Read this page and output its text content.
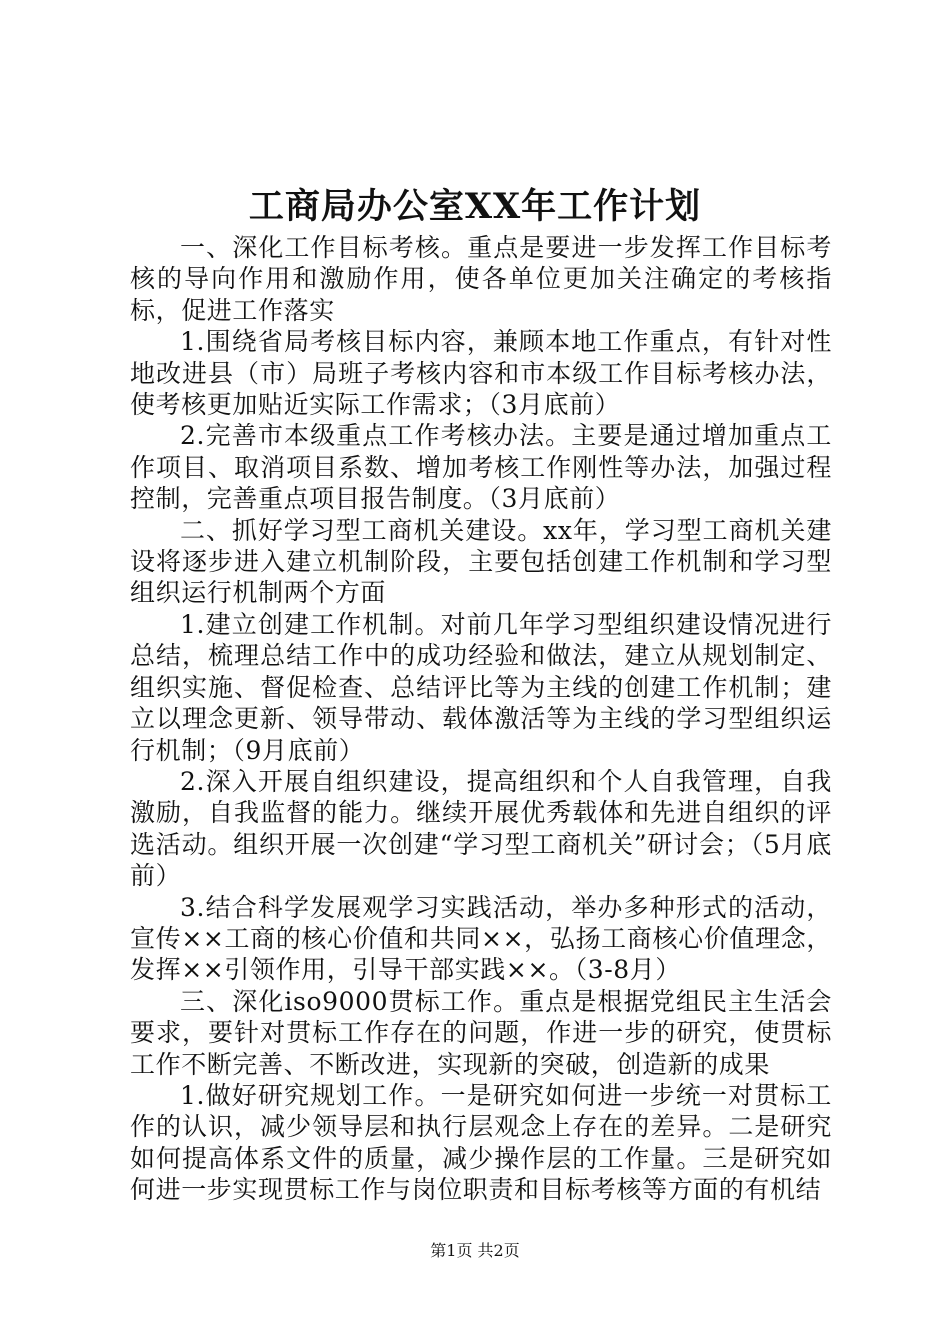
工商局办公室XX年工作计划

一、深化工作目标考核。重点是要进一步发挥工作目标考核的导向作用和激励作用，使各单位更加关注确定的考核指标，促进工作落实

1.围绕省局考核目标内容，兼顾本地工作重点，有针对性地改进县（市）局班子考核内容和市本级工作目标考核办法，使考核更加贴近实际工作需求；（3月底前）

2.完善市本级重点工作考核办法。主要是通过增加重点工作项目、取消项目系数、增加考核工作刚性等办法，加强过程控制，完善重点项目报告制度。（3月底前）

二、抓好学习型工商机关建设。xx年，学习型工商机关建设将逐步进入建立机制阶段，主要包括创建工作机制和学习型组织运行机制两个方面

1.建立创建工作机制。对前几年学习型组织建设情况进行总结，梳理总结工作中的成功经验和做法，建立从规划制定、组织实施、督促检查、总结评比等为主线的创建工作机制；建立以理念更新、领导带动、载体激活等为主线的学习型组织运行机制；（9月底前）

2.深入开展自组织建设，提高组织和个人自我管理，自我激励，自我监督的能力。继续开展优秀载体和先进自组织的评选活动。组织开展一次创建“学习型工商机关”研讨会；（5月底前）

3.结合科学发展观学习实践活动，举办多种形式的活动，宣传××工商的核心价值和共同××，弘扬工商核心价值理念，发挥××引领作用，引导干部实践××。（3-8月）

三、深化iso9000贯标工作。重点是根据党组民主生活会要求，要针对贯标工作存在的问题，作进一步的研究，使贯标工作不断完善、不断改进，实现新的突破，创造新的成果

1.做好研究规划工作。一是研究如何进一步统一对贯标工作的认识，减少领导层和执行层观念上存在的差异。二是研究如何提高体系文件的质量，减少操作层的工作量。三是研究如何进一步实现贯标工作与岗位职责和目标考核等方面的有机结

第1页 共2页
